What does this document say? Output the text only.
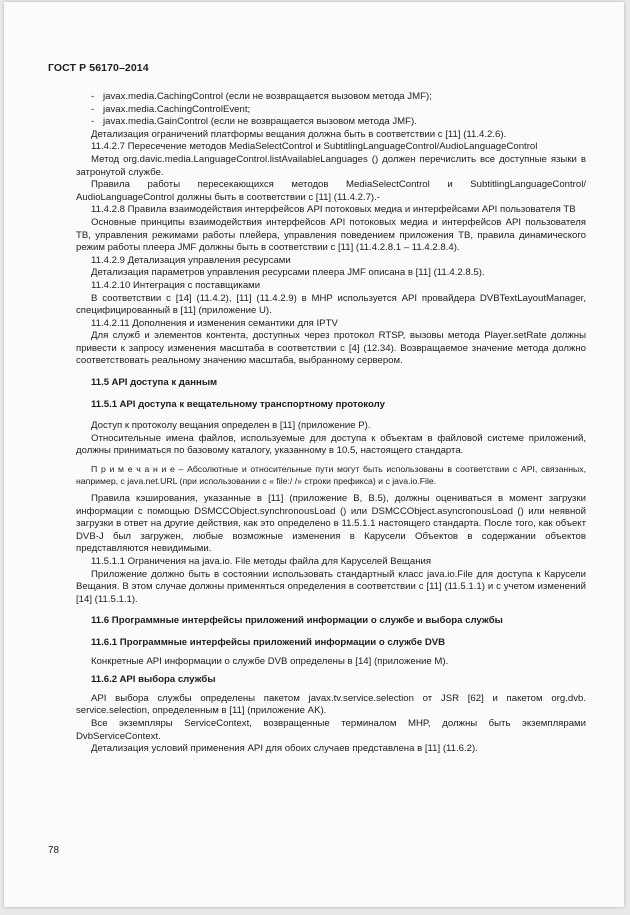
ГОСТ Р 56170–2014
- javax.media.CachingControl (если не возвращается вызовом метода JMF);
- javax.media.CachingControlEvent;
- javax.media.GainControl (если не возвращается вызовом метода JMF).

Детализация ограничений платформы вещания должна быть в соответствии с [11] (11.4.2.6).

11.4.2.7 Пересечение методов MediaSelectControl и SubtitlingLanguageControl/AudioLanguageControl

Метод org.davic.media.LanguageControl.listAvailableLanguages () должен перечислить все доступные языки в затронутой службе.

Правила работы пересекающихся методов MediaSelectControl и SubtitlingLanguageControl/ AudioLanguageControl должны быть в соответствии с [11] (11.4.2.7).-

11.4.2.8 Правила взаимодействия интерфейсов API потоковых медиа и интерфейсами API пользователя ТВ

Основные принципы взаимодействия интерфейсов API потоковых медиа и интерфейсов API пользователя ТВ, управления режимами работы плейера, управления поведением приложения ТВ, правила динамического режим работы плеера JMF должны быть в соответствии с [11] (11.4.2.8.1 – 11.4.2.8.4).

11.4.2.9 Детализация управления ресурсами

Детализация параметров управления ресурсами плеера JMF описана в [11] (11.4.2.8.5).

11.4.2.10 Интеграция с поставщиками

В соответствии с [14] (11.4.2), [11] (11.4.2.9) в MHP используется API провайдера DVBTextLayoutManager, специфицированный в [11] (приложение U).

11.4.2.11 Дополнения и изменения семантики для IPTV

Для служб и элементов контента, доступных через протокол RTSP, вызовы метода Player.setRate должны привести к запросу изменения масштаба в соответствии с [4] (12.34). Возвращаемое значение метода должно соответствовать реальному значению масштаба, выбранному сервером.

11.5 API доступа к данным

11.5.1 API доступа к вещательному транспортному протоколу

Доступ к протоколу вещания определен в [11] (приложение P).

Относительные имена файлов, используемые для доступа к объектам в файловой системе приложений, должны приниматься по базовому каталогу, указанному в 10.5, настоящего стандарта.

П р и м е ч а н и е – Абсолютные и относительные пути могут быть использованы в соответствии с API, связанных, например, с java.net.URL (при использовании с « file:/ /» строки префикса) и с java.io.File.

Правила кэширования, указанные в [11] (приложение B, B.5), должны оцениваться в момент загрузки информации с помощью DSMCCObject.synchronousLoad () или DSMCCObject.asyncronousLoad () или неявной загрузки в ответ на другие действия, как это определено в 11.5.1.1 настоящего стандарта. После того, как объект DVB-J был загружен, любые возможные изменения в Карусели Объектов в содержании объектов представляются невидимыми.

11.5.1.1 Ограничения на java.io. File методы файла для Каруселей Вещания

Приложение должно быть в состоянии использовать стандартный класс java.io.File для доступа к Карусели Вещания. В этом случае должны применяться определения в соответствии с [11] (11.5.1.1) и с учетом изменений [14] (11.5.1.1).

11.6 Программные интерфейсы приложений информации о службе и выбора службы

11.6.1 Программные интерфейсы приложений информации о службе DVB

Конкретные API информации о службе DVB определены в [14] (приложение M).

11.6.2 API выбора службы

API выбора службы определены пакетом javax.tv.service.selection от JSR [62] и пакетом org.dvb. service.selection, определенным в [11] (приложение AK).

Все экземпляры ServiceContext, возвращенные терминалом MHP, должны быть экземплярами DvbServiceContext.

Детализация условий применения API для обоих случаев представлена в [11] (11.6.2).

78
